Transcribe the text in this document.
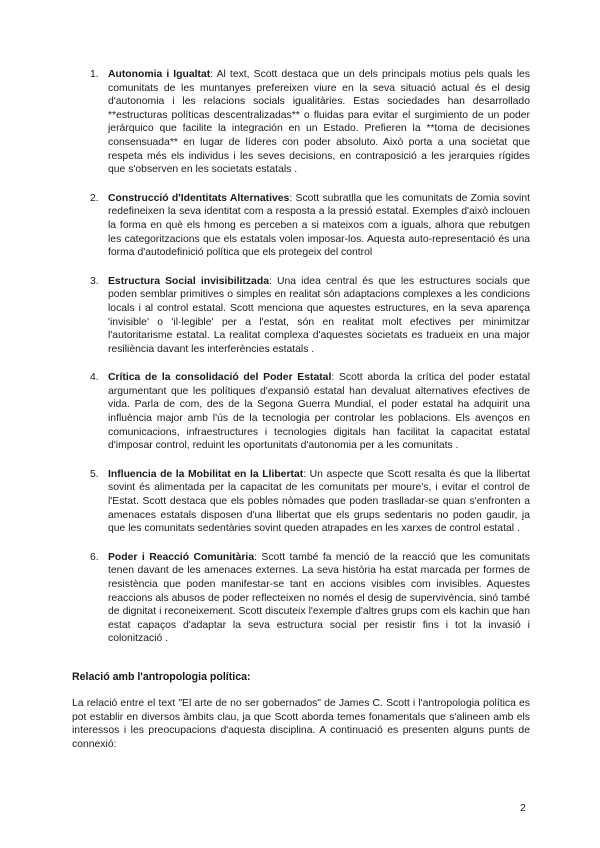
1. Autonomia i Igualtat: Al text, Scott destaca que un dels principals motius pels quals les comunitats de les muntanyes prefereixen viure en la seva situació actual és el desig d'autonomia i les relacions socials igualitàries. Estas sociedades han desarrollado **estructuras políticas descentralizadas** o fluidas para evitar el surgimiento de un poder jerárquico que facilite la integración en un Estado. Prefieren la **toma de decisiones consensuada** en lugar de líderes con poder absoluto. Això porta a una societat que respeta més els individus i les seves decisions, en contraposició a les jerarquies rígides que s'observen en les societats estatals .
2. Construcció d'Identitats Alternatives: Scott subratlla que les comunitats de Zomia sovint redefineixen la seva identitat com a resposta a la pressió estatal. Exemples d'això inclouen la forma en què els hmong es perceben a si mateixos com a iguals, alhora que rebutgen les categoritzacions que els estatals volen imposar-los. Aquesta auto-representació és una forma d'autodefinició política que els protegeix del control
3. Estructura Social invisibilitzada: Una idea central és que les estructures socials que poden semblar primitives o simples en realitat són adaptacions complexes a les condicions locals i al control estatal. Scott menciona que aquestes estructures, en la seva aparença 'invisible' o 'il·legible' per a l'estat, són en realitat molt efectives per minimitzar l'autoritarisme estatal. La realitat complexa d'aquestes societats es tradueix en una major resiliència davant les interferències estatals .
4. Crítica de la consolidació del Poder Estatal: Scott aborda la crítica del poder estatal argumentant que les polítiques d'expansió estatal han devaluat alternatives efectives de vida. Parla de com, des de la Segona Guerra Mundial, el poder estatal ha adquirit una influència major amb l'ús de la tecnologia per controlar les poblacions. Els avenços en comunicacions, infraestructures i tecnologies digitals han facilitat la capacitat estatal d'imposar control, reduint les oportunitats d'autonomia per a les comunitats .
5. Influencia de la Mobilitat en la Llibertat: Un aspecte que Scott resalta és que la llibertat sovint és alimentada per la capacitat de les comunitats per moure's, i evitar el control de l'Estat. Scott destaca que els pobles nòmades que poden traslladar-se quan s'enfronten a amenaces estatals disposen d'una llibertat que els grups sedentaris no poden gaudir, ja que les comunitats sedentàries sovint queden atrapades en les xarxes de control estatal .
6. Poder i Reacció Comunitària: Scott també fa menció de la reacció que les comunitats tenen davant de les amenaces externes. La seva història ha estat marcada per formes de resistència que poden manifestar-se tant en accions visibles com invisibles. Aquestes reaccions als abusos de poder reflecteixen no només el desig de supervivència, sinó també de dignitat i reconeixement. Scott discuteix l'exemple d'altres grups com els kachin que han estat capaços d'adaptar la seva estructura social per resistir fins i tot la invasió i colonització .
Relació amb l'antropologia política:
La relació entre el text "El arte de no ser gobernados" de James C. Scott i l'antropologia política es pot establir en diversos àmbits clau, ja que Scott aborda temes fonamentals que s'alineen amb els interessos i les preocupacions d'aquesta disciplina. A continuació es presenten alguns punts de connexió:
2
